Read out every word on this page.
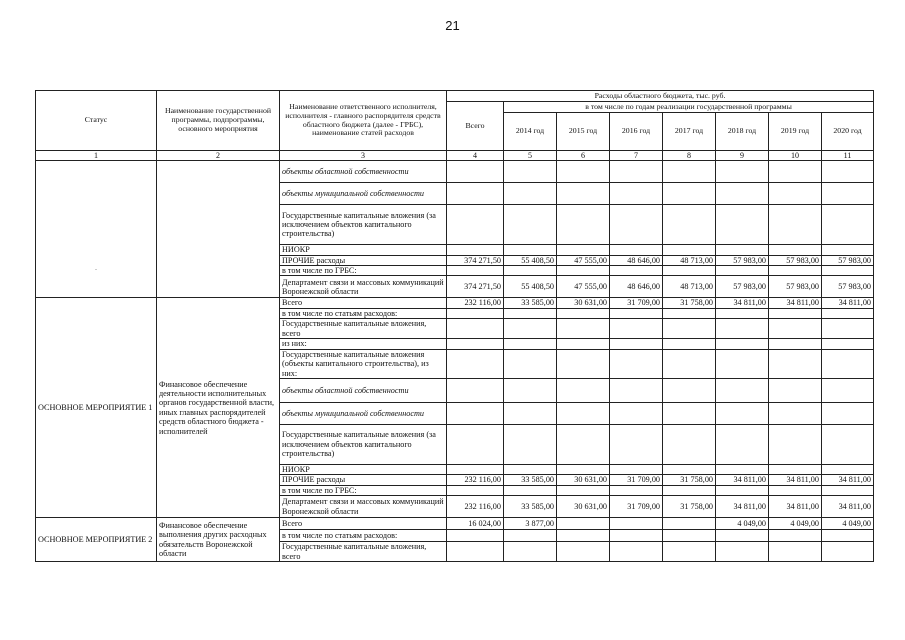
21
Статус	Наименование государственной программы, подпрограммы, основного мероприятия	Наименование ответственного исполнителя, исполнителя - главного распорядителя средств областного бюджета (далее - ГРБС), наименование статей расходов	Расходы областного бюджета, тыс. руб.							
			Всего	в том числе по годам реализации государственной программы						
				2014 год	2015 год	2016 год	2017 год	2018 год	2019 год	2020 год
1	2	3	4	5	6	7	8	9	10	11
-		объекты областной собственности								
		объекты муниципальной собственности								
		Государственные капитальные вложения (за исключением объектов капитального строительства)								
		НИОКР								
		ПРОЧИЕ расходы	374 271,50	55 408,50	47 555,00	48 646,00	48 713,00	57 983,00	57 983,00	57 983,00
		в том числе по ГРБС:								
		Департамент связи и массовых коммуникаций Воронежской области	374 271,50	55 408,50	47 555,00	48 646,00	48 713,00	57 983,00	57 983,00	57 983,00
ОСНОВНОЕ МЕРОПРИЯТИЕ 1	Финансовое обеспечение деятельности исполнительных органов государственной власти, иных главных распорядителей средств областного бюджета - исполнителей	Всего	232 116,00	33 585,00	30 631,00	31 709,00	31 758,00	34 811,00	34 811,00	34 811,00
		в том числе по статьям расходов:								
		Государственные капитальные вложения, всего								
		из них:								
		Государственные капитальные вложения (объекты капитального строительства), из них:								
		объекты областной собственности								
		объекты муниципальной собственности								
		Государственные капитальные вложения (за исключением объектов капитального строительства)								
		НИОКР								
		ПРОЧИЕ расходы	232 116,00	33 585,00	30 631,00	31 709,00	31 758,00	34 811,00	34 811,00	34 811,00
		в том числе по ГРБС:								
		Департамент связи и массовых коммуникаций Воронежской области	232 116,00	33 585,00	30 631,00	31 709,00	31 758,00	34 811,00	34 811,00	34 811,00
ОСНОВНОЕ МЕРОПРИЯТИЕ 2	Финансовое обеспечение выполнения других расходных обязательств Воронежской области	Всего	16 024,00	3 877,00				4 049,00	4 049,00	4 049,00
		в том числе по статьям расходов:								
		Государственные капитальные вложения, всего								
